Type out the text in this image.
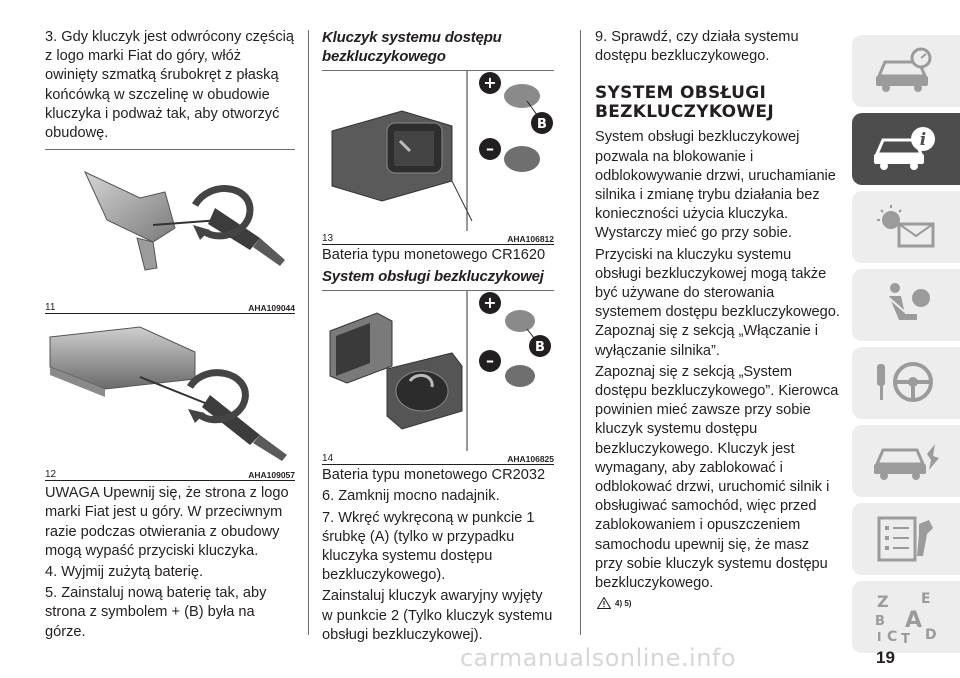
3. Gdy kluczyk jest odwrócony częścią z logo marki Fiat do góry, włóż owinięty szmatką śrubokręt z płaską końcówką w szczelinę w obudowie kluczyka i podważ tak, aby otworzyć obudowę.

11	AHA109044
12	AHA109057

UWAGA Upewnij się, że strona z logo marki Fiat jest u góry. W przeciwnym razie podczas otwierania z obudowy mogą wypaść przyciski kluczyka.

4. Wyjmij zużytą baterię.

5. Zainstaluj nową baterię tak, aby strona z symbolem + (B) była na górze.

Kluczyk systemu dostępu bezkluczykowego
+
B
–
13	AHA106812

Bateria typu monetowego CR1620

System obsługi bezkluczykowej
+
–
B
14	AHA106825

Bateria typu monetowego CR2032

6. Zamknij mocno nadajnik.

7. Wkręć wykręconą w punkcie 1 śrubkę (A) (tylko w przypadku kluczyka systemu dostępu bezkluczykowego).

Zainstaluj kluczyk awaryjny wyjęty w punkcie 2 (Tylko kluczyk systemu obsługi bezkluczykowej).

9. Sprawdź, czy działa systemu dostępu bezkluczykowego.

SYSTEM OBSŁUGI BEZKLUCZYKOWEJ

System obsługi bezkluczykowej pozwala na blokowanie i odblokowywanie drzwi, uruchamianie silnika i zmianę trybu działania bez konieczności użycia kluczyka. Wystarczy mieć go przy sobie.

Przyciski na kluczyku systemu obsługi bezkluczykowej mogą także być używane do sterowania systemem dostępu bezkluczykowego. Zapoznaj się z sekcją „Włączanie i wyłączanie silnika”.

Zapoznaj się z sekcją „System dostępu bezkluczykowego”. Kierowca powinien mieć zawsze przy sobie kluczyk systemu dostępu bezkluczykowego. Kluczyk jest wymagany, aby zablokować i odblokować drzwi, uruchomić silnik i obsługiwać samochód, więc przed zablokowaniem i opuszczeniem samochodu upewnij się, że masz przy sobie kluczyk systemu dostępu bezkluczykowego.

4) 5)
i
Z E
B A
C T D
I
carmanualsonline.info	19
